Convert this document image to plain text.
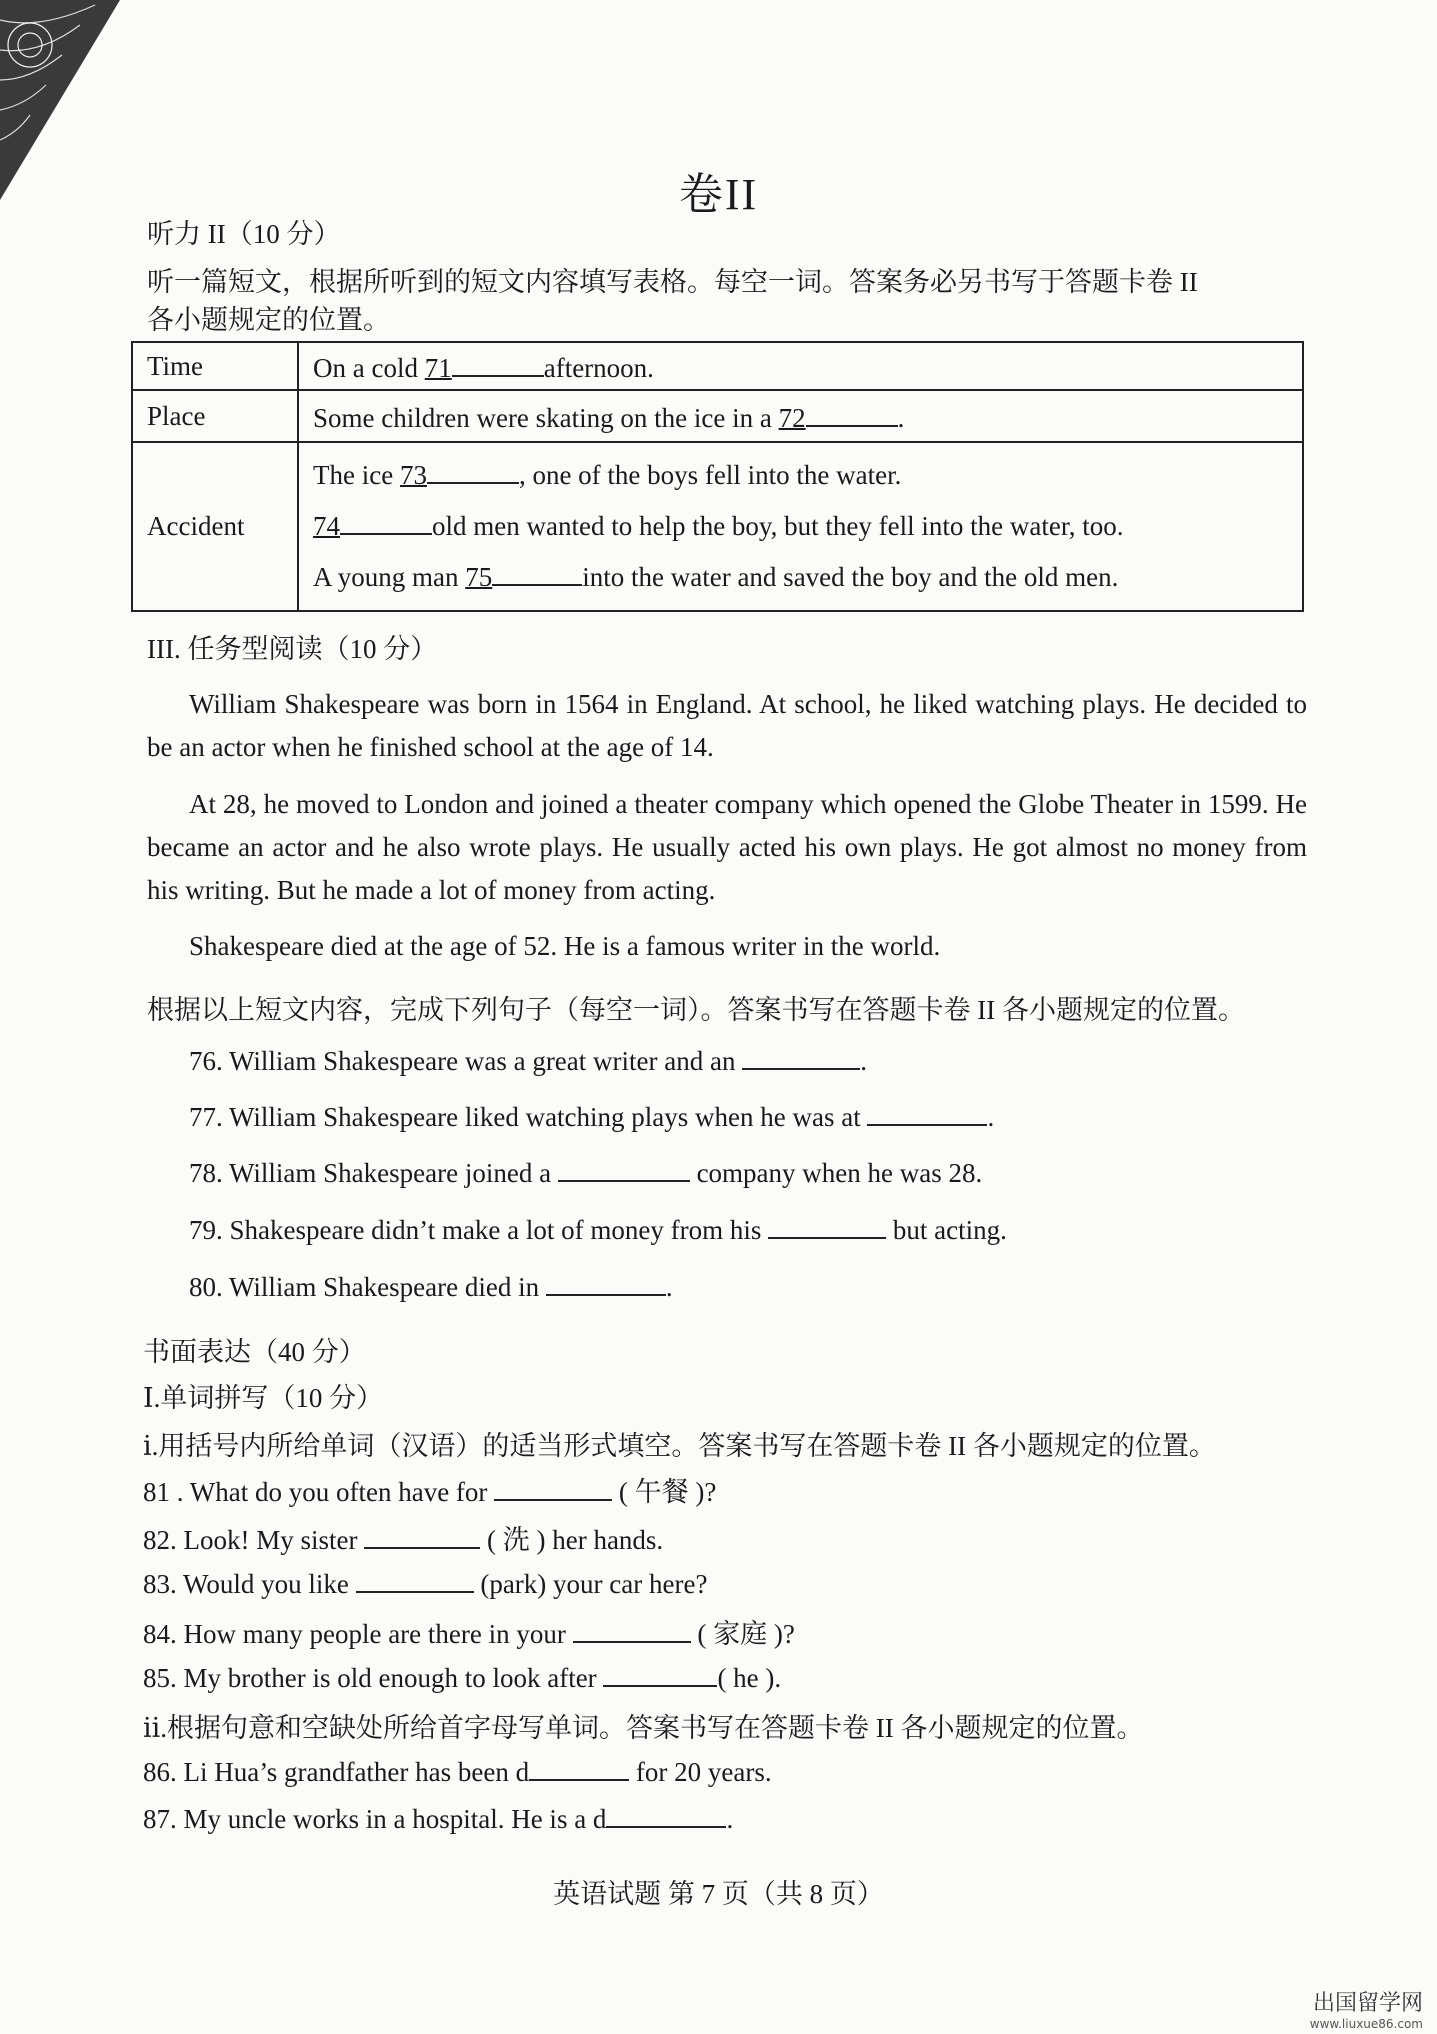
卷II
听力 II（10 分）
听一篇短文，根据所听到的短文内容填写表格。每空一词。答案务必另书写于答题卡卷 II
各小题规定的位置。
Time	On a cold 71 afternoon.
Place	Some children were skating on the ice in a 72 .
Accident	The ice 73 , one of the boys fell into the water.
74 old men wanted to help the boy, but they fell into the water, too.
A young man 75 into the water and saved the boy and the old men.
III. 任务型阅读（10 分）
William Shakespeare was born in 1564 in England. At school, he liked watching plays. He decided to be an actor when he finished school at the age of 14.
At 28, he moved to London and joined a theater company which opened the Globe Theater in 1599. He became an actor and he also wrote plays. He usually acted his own plays. He got almost no money from his writing. But he made a lot of money from acting.
Shakespeare died at the age of 52. He is a famous writer in the world.
根据以上短文内容，完成下列句子（每空一词）。答案书写在答题卡卷 II 各小题规定的位置。
76. William Shakespeare was a great writer and an	.
77. William Shakespeare liked watching plays when he was at	.
78. William Shakespeare joined a	company when he was 28.
79. Shakespeare didn’t make a lot of money from his	but acting.
80. William Shakespeare died in	.
书面表达（40 分）
Ⅰ.单词拼写（10 分）
ⅰ.用括号内所给单词（汉语）的适当形式填空。答案书写在答题卡卷 II 各小题规定的位置。
81 . What do you often have for	( 午餐 )?
82. Look! My sister	( 洗 ) her hands.
83. Would you like	(park) your car here?
84. How many people are there in your	( 家庭 )?
85. My brother is old enough to look after	( he ).
ⅱ.根据句意和空缺处所给首字母写单词。答案书写在答题卡卷 II 各小题规定的位置。
86. Li Hua’s grandfather has been d	for 20 years.
87. My uncle works in a hospital. He is a d	.
英语试题 第 7 页（共 8 页）
出国留学网
www.liuxue86.com
